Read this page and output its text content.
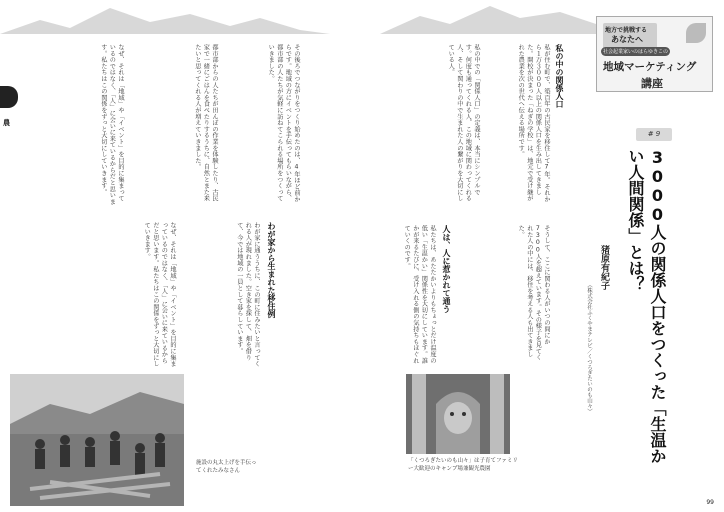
農
地方で挑戦する
あなたへ
社会起業家いのはらゆきこの
地域マーケティング
講座
# 9
3000人の関係人口をつくった「生温かい人間関係」とは？
猪原有紀子
（株式会社ふくやまテレビ／くつろぎたいのも山々）
私の中の関係人口
人は、人に惹かれて通う
わが家から生まれた移住例
私が住む町で、築百年の古民家を移住して7年。それから１万３０００人以上の関係人口を生み出してきました。開校が決まった「ねぎの学校」は、地元で受け継がれた農業を次の世代へ伝える場所です。
私の中での「関係人口」の定義は、本当にシンプルです。何度も通ってくれる人、この地域に関わってくれる人、そして関わりの中で生まれた人の繋がりを大切にしている人。
その後ろでつながりをつくり始めたのは、4年ほど前からです。地域の方にイベントを手伝ってもらいながら、都市部の人たちが気軽に訪ねてこられる場所をつくっていきました。
都市部からの人たちが田んぼの作業を体験したり、古民家で一緒にごはんを食べたりするうちに、自然とまた来たいと思ってくれる人が増えていきました。
なぜ、それは「地域」や「イベント」を目的に集まっているのではなく、「人」に会いに来ているからだと思います。私たちはこの関係をずっと大切にしていきます。
そうして、ここに関わる人がいつの間にか7300人を超えています。その様子を見てくれた人の中には、移住を考える人も出てきました。
私たちは、あたたかいよりもちょっとだけ温度の低い「生温かい」関係性を大切にしています。誰かが来るたびに、受け入れる側の気持ちもほぐれていくのです。
わが家に通ううちに、この町に住みたいと言ってくれる人が現れました。空き家を探して、畑を借りて、今では地域の一員として暮らしています。
なぜ、それは「地域」や「イベント」を目的に集まっているのではなく、「人」に会いに来ているからだと思います。私たちはこの関係をずっと大切にしていきます。
施設の丸太上げを手伝ってくれたみなさん
「くつろぎたいのも山々」は子育てファミリー大歓迎のキャンプ場兼観光農園
99
